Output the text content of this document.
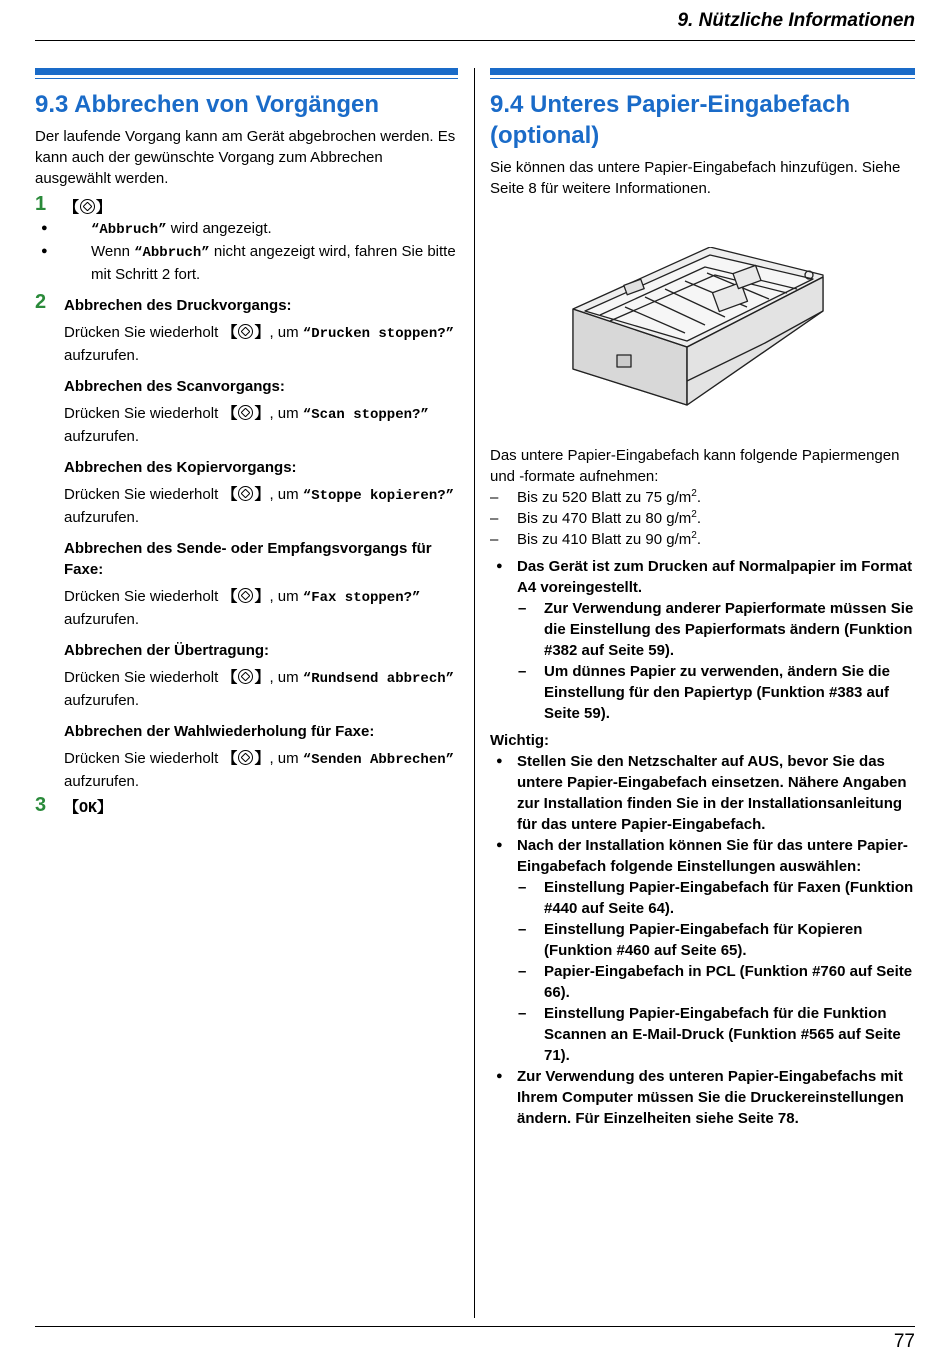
9. Nützliche Informationen
9.3 Abbrechen von Vorgängen

Der laufende Vorgang kann am Gerät abgebrochen werden. Es kann auch der gewünschte Vorgang zum Abbrechen ausgewählt werden.

1 【 】
● “Abbruch” wird angezeigt.
● Wenn “Abbruch” nicht angezeigt wird, fahren Sie bitte mit Schritt 2 fort.
2 Abbrechen des Druckvorgangs:
Drücken Sie wiederholt 【 】, um “Drucken stoppen?”
aufzurufen.
Abbrechen des Scanvorgangs:
Drücken Sie wiederholt 【 】, um “Scan stoppen?”
aufzurufen.
Abbrechen des Kopiervorgangs:
Drücken Sie wiederholt 【 】, um “Stoppe kopieren?”
aufzurufen.
Abbrechen des Sende- oder Empfangsvorgangs für Faxe:
Drücken Sie wiederholt 【 】, um “Fax stoppen?”
aufzurufen.
Abbrechen der Übertragung:
Drücken Sie wiederholt 【 】, um “Rundsend abbrech”
aufzurufen.
Abbrechen der Wahlwiederholung für Faxe:
Drücken Sie wiederholt 【 】, um “Senden Abbrechen”
aufzurufen.
3 【OK】
9.4 Unteres Papier-Eingabefach (optional)

Sie können das untere Papier-Eingabefach hinzufügen. Siehe Seite 8 für weitere Informationen.

Das untere Papier-Eingabefach kann folgende Papiermengen und -formate aufnehmen:

– Bis zu 520 Blatt zu 75 $g/m^2$.
– Bis zu 470 Blatt zu 80 $g/m^2$.
– Bis zu 410 Blatt zu 90 $g/m^2$.
● Das Gerät ist zum Drucken auf Normalpapier im Format A4 voreingestellt.
– Zur Verwendung anderer Papierformate müssen Sie die Einstellung des Papierformats ändern (Funktion #382 auf Seite 59).
– Um dünnes Papier zu verwenden, ändern Sie die Einstellung für den Papiertyp (Funktion #383 auf Seite 59).
Wichtig:
● Stellen Sie den Netzschalter auf AUS, bevor Sie das untere Papier-Eingabefach einsetzen. Nähere Angaben zur Installation finden Sie in der Installationsanleitung für das untere Papier-Eingabefach.
● Nach der Installation können Sie für das untere Papier-Eingabefach folgende Einstellungen auswählen:
– Einstellung Papier-Eingabefach für Faxen (Funktion #440 auf Seite 64).
– Einstellung Papier-Eingabefach für Kopieren (Funktion #460 auf Seite 65).
– Papier-Eingabefach in PCL (Funktion #760 auf Seite 66).
– Einstellung Papier-Eingabefach für die Funktion Scannen an E-Mail-Druck (Funktion #565 auf Seite 71).
● Zur Verwendung des unteren Papier-Eingabefachs mit Ihrem Computer müssen Sie die Druckereinstellungen ändern. Für Einzelheiten siehe Seite 78.
77
